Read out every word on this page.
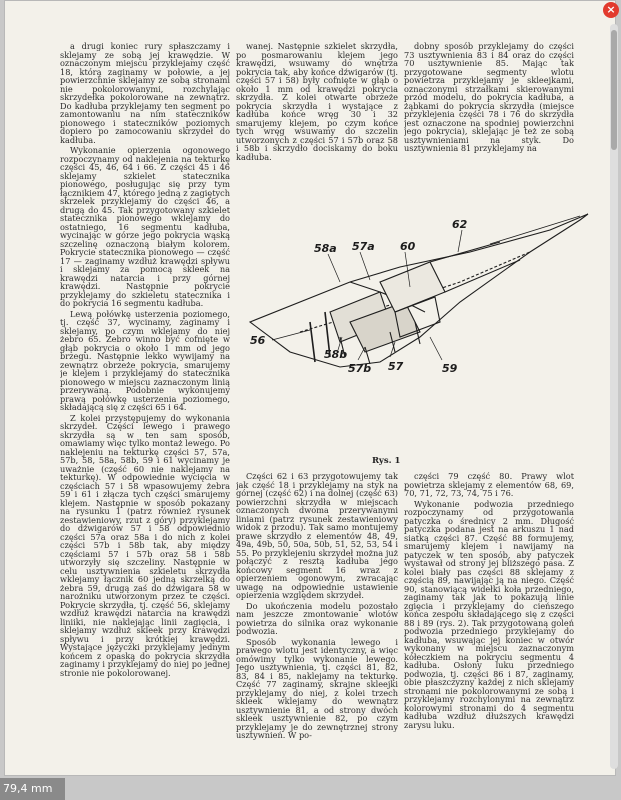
a drugi koniec rury spłaszczamy i sklejamy ze sobą jej krawędzie. W oznaczonym miejscu przyklejamy część 18, którą zaginamy w połowie, a jej powierzchnie sklejamy ze sobą stronami nie pokolorowanymi, rozchylając skrzydełka pokolorowane na zewnątrz. Do kadłuba przyklejamy ten segment po zamontowaniu na nim stateczników pionowego i stateczników poziomych dopiero po zamocowaniu skrzydeł do kadłuba.

Wykonanie opierzenia ogonowego rozpoczynamy od naklejenia na tekturkę części 45, 46, 64 i 66. Z części 45 i 46 sklejamy szkielet statecznika pionowego, posługując się przy tym łącznikiem 47, którego jedną z zagiętych skrzelek przyklejamy do części 46, a drugą do 45. Tak przygotowany szkielet statecznika pionowego wklejamy do ostatniego, 16 segmentu kadłuba, wycinając w górze jego pokrycia wąską szczelinę oznaczoną białym kolorem. Pokrycie statecznika pionowego — część 17 — zaginamy wzdłuż krawędzi spływu i sklejamy za pomocą skleek na krawędzi natarcia i przy górnej krawędzi. Następnie pokrycie przyklejamy do szkieletu statecznika i do pokrycia 16 segmentu kadłuba.

Lewą połówkę usterzenia poziomego, tj. część 37, wycinamy, zaginamy i sklejamy, po czym wklejamy do niej żebro 65. Żebro winno być cofnięte w głąb pokrycia o około 1 mm od jego brzegu. Następnie lekko wywijamy na zewnątrz obrzeże pokrycia, smarujemy je klejem i przyklejamy do statecznika pionowego w miejscu zaznaczonym linią przerywaną. Podobnie wykonujemy prawą połówkę usterzenia poziomego, składającą się z części 65 i 64.

Z kolei przystępujemy do wykonania skrzydeł. Części lewego i prawego skrzydła są w ten sam sposób, omawiamy więc tylko montaż lewego. Po naklejeniu na tekturkę części 57, 57a, 57b, 58, 58a, 58b, 59 i 61 wycinamy je uważnie (część 60 nie naklejamy na tekturkę). W odpowiednie wycięcia w częściach 57 i 58 wpasowujemy żebra 59 i 61 i złącza tych części smarujemy klejem. Następnie w sposób pokazany na rysunku 1 (patrz również rysunek zestawieniowy, rzut z góry) przyklejamy do dźwigarów 57 i 58 odpowiednio części 57a oraz 58a i do nich z kolei części 57b i 58b tak, aby między częściami 57 i 57b oraz 58 i 58b utworzyły się szczeliny. Następnie w celu usztywnienia szkieletu skrzydła wklejamy łącznik 60 jedną skrzelką do żebra 59, drugą zaś do dźwigara 58 w narożniku utworzonym przez te części. Pokrycie skrzydła, tj. część 56, sklejamy wzdłuż krawędzi natarcia na krawędzi liniiki, nie naklejając linii zagięcia, i sklejamy wzdłuż skleek przy krawędzi spływu i przy krótkiej krawędzi. Wystające języczki przyklejamy jednym końcem z opaską do pokrycia skrzydła zaginamy i przyklejamy do niej po jednej stronie nie pokolorowanej.

wanej. Następnie szkielet skrzydła, po posmarowaniu klejem jego krawędzi, wsuwamy do wnętrza pokrycia tak, aby końce dźwigarów (tj. części 57 i 58) były cofnięte w głąb o około 1 mm od krawędzi pokrycia skrzydła. Z kolei otwarte obrzeże pokrycia skrzydła i wystające z kadłuba końce wręg 30 i 32 smarujemy klejem, po czym końce tych wręg wsuwamy do szczelin utworzonych z części 57 i 57b oraz 58 i 58b i skrzydło dociskamy do boku kadłuba.

dobny sposób przyklejamy do części 73 usztywnienia 83 i 84 oraz do części 70 usztywnienie 85. Mając tak przygotowane segmenty wlotu powietrza przyklejamy je skleejkami, oznaczonymi strzałkami skierowanymi przód modelu, do pokrycia kadłuba, a żąbkami do pokrycia skrzydła (miejsce przyklejenia części 78 i 76 do skrzydła jest oznaczone na spodniej powierzchni jego pokrycia), sklejając je też ze sobą usztywnieniami na styk. Do usztywnienia 81 przyklejamy na

62
58a 57a 60
56
58b
57b 57	59
Rys. 1

Części 62 i 63 przygotowujemy tak jak część 18 i przyklejamy na styk na górnej (część 62) i na dolnej (część 63) powierzchni skrzydła w miejscach oznaczonych dwoma przerywanymi liniami (patrz rysunek zestawieniowy widok z przodu). Tak samo montujemy prawe skrzydło z elementów 48, 49, 49a, 49b, 50, 50a, 50b, 51, 52, 53, 54 i 55. Po przyklejeniu skrzydeł można już połączyć z resztą kadłuba jego końcowy segment 16 wraz z opierzeniem ogonowym, zwracając uwagę na odpowiednie ustawienie opierzenia względem skrzydeł.

Do ukończenia modelu pozostało nam jeszcze zmontowanie wlotów powietrza do silnika oraz wykonanie podwozia.

Sposób wykonania lewego i prawego wlotu jest identyczny, a więc omówimy tylko wykonanie lewego. Jego usztywnienia, tj. części 81, 82, 83, 84 i 85, naklejamy na tekturkę. Część 77 zaginamy, skrajne skleejki przyklejamy do niej, z kolei trzech skleek wklejamy do wewnątrz usztywnienie 81, a od strony dwóch skleek usztywnienie 82, po czym przyklejamy je do zewnętrznej strony usztywnień. W po-

części 79 część 80. Prawy wlot powietrza sklejamy z elementów 68, 69, 70, 71, 72, 73, 74, 75 i 76.

Wykonanie podwozia przedniego rozpoczynamy od przygotowania patyczka o średnicy 2 mm. Długość patyczka podana jest na arkuszu 1 nad siatką części 87. Część 88 formujemy, smarujemy klejem i nawijamy na patyczek w ten sposób, aby patyczek wystawał od strony jej bliższego pasa. Z kolei biały pas części 88 sklejamy z częścią 89, nawijając ją na niego. Część 90, stanowiącą widełki koła przedniego, zaginamy tak jak to pokazują linie zgięcia i przyklejamy do cieńszego końca zespołu składającego się z części 88 i 89 (rys. 2). Tak przygotowaną goleń podwozia przedniego przyklejamy do kadłuba, wsuwając jej koniec w otwór wykonany w miejscu zaznaczonym kółeczkiem na pokryciu segmentu 4 kadłuba. Osłony luku przedniego podwozia, tj. części 86 i 87, zaginamy, obie płaszczyzny każdej z nich sklejamy stronami nie pokolorowanymi ze sobą i przyklejamy rozchylonymi na zewnątrz kolorowymi stronami do 4 segmentu kadłuba wzdłuż dłuższych krawędzi zarysu luku.

×
79,4 mm
